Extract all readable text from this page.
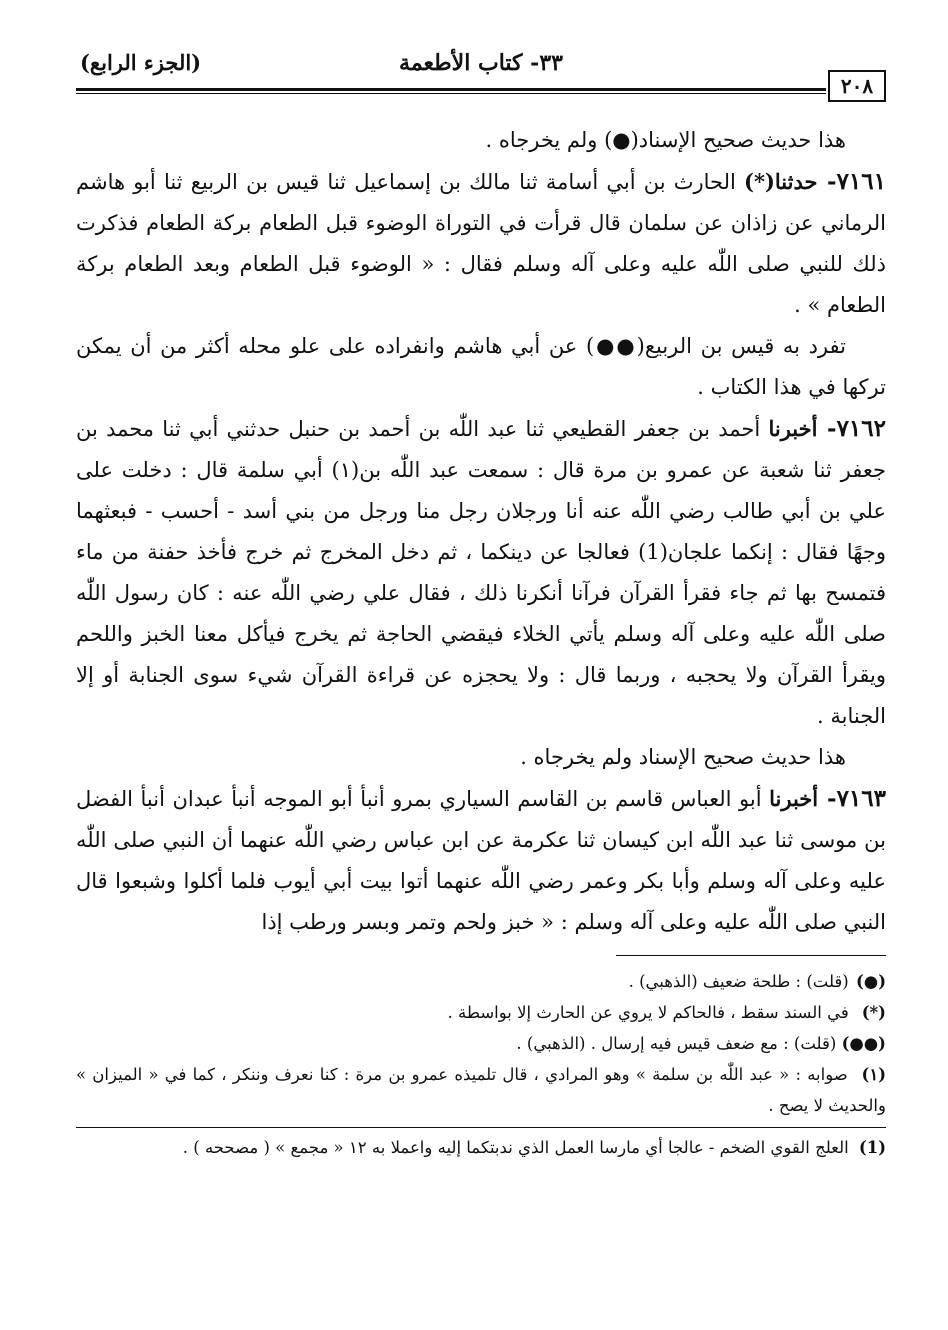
(الجزء الرابع)	٣٣- كتاب الأطعمة
٢٠٨

هذا حديث صحيح الإسناد(●) ولم يخرجاه .

٧١٦١- حدثنا(*) الحارث بن أبي أسامة ثنا مالك بن إسماعيل ثنا قيس بن الربيع ثنا أبو هاشم الرماني عن زاذان عن سلمان قال قرأت في التوراة الوضوء قبل الطعام بركة الطعام فذكرت ذلك للنبي صلى اللّٰه عليه وعلى آله وسلم فقال : « الوضوء قبل الطعام وبعد الطعام بركة الطعام » .

تفرد به قيس بن الربيع(●●) عن أبي هاشم وانفراده على علو محله أكثر من أن يمكن تركها في هذا الكتاب .

٧١٦٢- أخبرنا أحمد بن جعفر القطيعي ثنا عبد اللّٰه بن أحمد بن حنبل حدثني أبي ثنا محمد بن جعفر ثنا شعبة عن عمرو بن مرة قال : سمعت عبد اللّٰه بن(١) أبي سلمة قال : دخلت على علي بن أبي طالب رضي اللّٰه عنه أنا ورجلان رجل منا ورجل من بني أسد - أحسب - فبعثهما وجهًا فقال : إنكما علجان(1) فعالجا عن دينكما ، ثم دخل المخرج ثم خرج فأخذ حفنة من ماء فتمسح بها ثم جاء فقرأ القرآن فرآنا أنكرنا ذلك ، فقال علي رضي اللّٰه عنه : كان رسول اللّٰه صلى اللّٰه عليه وعلى آله وسلم يأتي الخلاء فيقضي الحاجة ثم يخرج فيأكل معنا الخبز واللحم ويقرأ القرآن ولا يحجبه ، وربما قال : ولا يحجزه عن قراءة القرآن شيء سوى الجنابة أو إلا الجنابة .

هذا حديث صحيح الإسناد ولم يخرجاه .

٧١٦٣- أخبرنا أبو العباس قاسم بن القاسم السياري بمرو أنبأ أبو الموجه أنبأ عبدان أنبأ الفضل بن موسى ثنا عبد اللّٰه ابن كيسان ثنا عكرمة عن ابن عباس رضي اللّٰه عنهما أن النبي صلى اللّٰه عليه وعلى آله وسلم وأبا بكر وعمر رضي اللّٰه عنهما أتوا بيت أبي أيوب فلما أكلوا وشبعوا قال النبي صلى اللّٰه عليه وعلى آله وسلم : « خبز ولحم وتمر وبسر ورطب إذا

(●) (قلت) : طلحة ضعيف (الذهبي) .

(*) في السند سقط ، فالحاكم لا يروي عن الحارث إلا بواسطة .

(●●) (قلت) : مع ضعف قيس فيه إرسال . (الذهبي) .

(١) صوابه : « عبد اللّٰه بن سلمة » وهو المرادي ، قال تلميذه عمرو بن مرة : كنا نعرف وننكر ، كما في « الميزان » والحديث لا يصح .

(1) العلج القوي الضخم - عالجا أي مارسا العمل الذي ندبتكما إليه واعملا به ١٢ « مجمع » ( مصححه ) .
